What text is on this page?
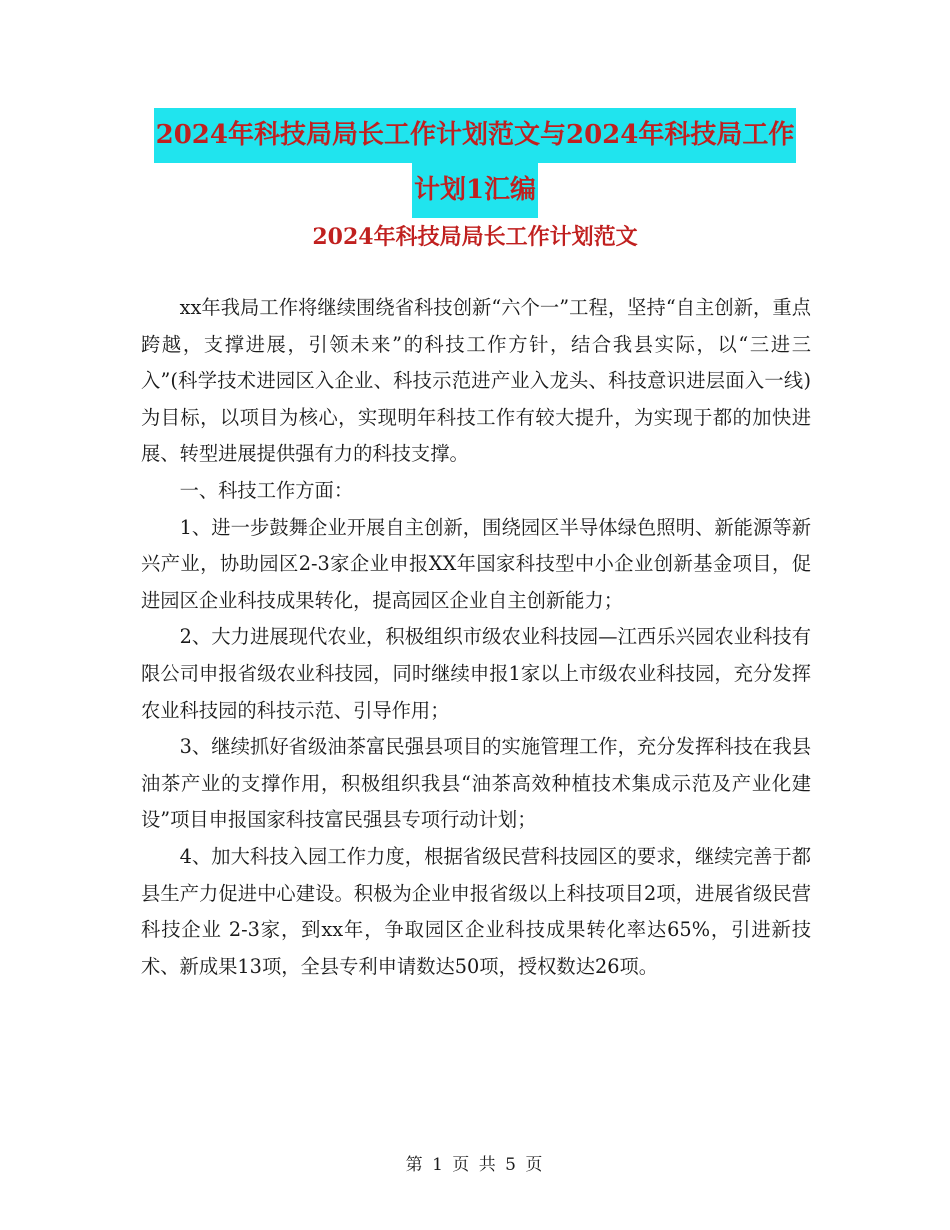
2024年科技局局长工作计划范文与2024年科技局工作
计划1汇编
2024年科技局局长工作计划范文

xx年我局工作将继续围绕省科技创新“六个一”工程，坚持“自主创新，重点跨越，支撑进展，引领未来”的科技工作方针，结合我县实际，以“三进三入”(科学技术进园区入企业、科技示范进产业入龙头、科技意识进层面入一线)为目标，以项目为核心，实现明年科技工作有较大提升，为实现于都的加快进展、转型进展提供强有力的科技支撑。

一、科技工作方面：

1、进一步鼓舞企业开展自主创新，围绕园区半导体绿色照明、新能源等新兴产业，协助园区2-3家企业申报XX年国家科技型中小企业创新基金项目，促进园区企业科技成果转化，提高园区企业自主创新能力；

2、大力进展现代农业，积极组织市级农业科技园—江西乐兴园农业科技有限公司申报省级农业科技园，同时继续申报1家以上市级农业科技园，充分发挥农业科技园的科技示范、引导作用；

3、继续抓好省级油茶富民强县项目的实施管理工作，充分发挥科技在我县油茶产业的支撑作用，积极组织我县“油茶高效种植技术集成示范及产业化建设”项目申报国家科技富民强县专项行动计划；

4、加大科技入园工作力度，根据省级民营科技园区的要求，继续完善于都县生产力促进中心建设。积极为企业申报省级以上科技项目2项，进展省级民营科技企业 2-3家，到xx年，争取园区企业科技成果转化率达65%，引进新技术、新成果13项，全县专利申请数达50项，授权数达26项。

第 1 页 共 5 页
